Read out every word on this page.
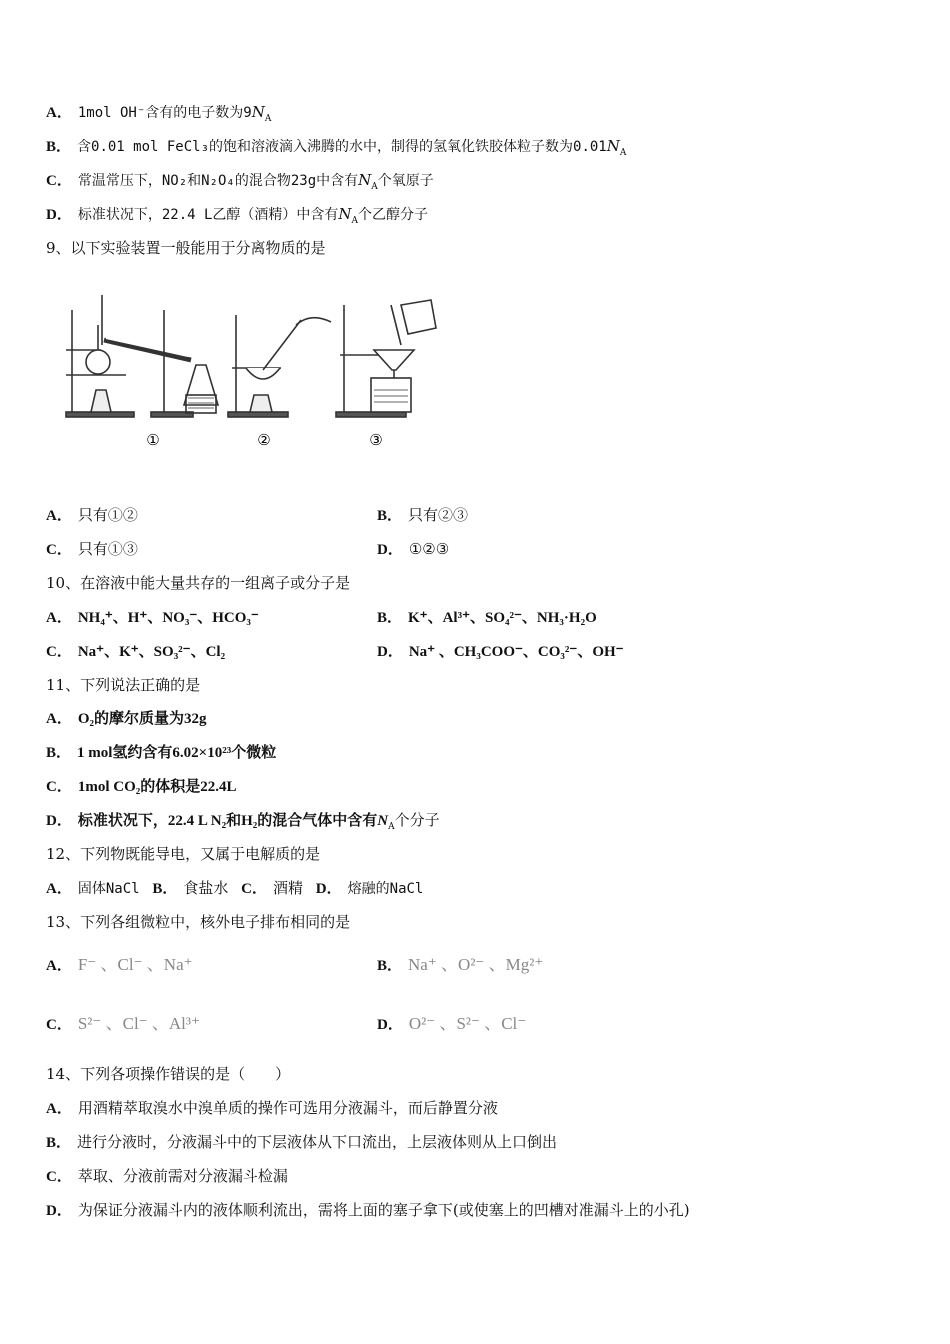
A． 1mol OH⁻含有的电子数为$9N_A$
B． 含0.01 mol FeCl₃的饱和溶液滴入沸腾的水中，制得的氢氧化铁胶体粒子数为$0.01N_A$
C． 常温常压下，NO₂和N₂O₄的混合物23g中含有$N_A$个氧原子
D． 标准状况下，22.4 L乙醇（酒精）中含有$N_A$个乙醇分子
9、以下实验装置一般能用于分离物质的是
①	②	③
A． 只有①②	B． 只有②③
C． 只有①③	D． ①②③
10、在溶液中能大量共存的一组离子或分子是
A． NH₄⁺、H⁺、NO₃⁻、HCO₃⁻	B． K⁺、Al³⁺、SO₄²⁻、NH₃·H₂O
C． Na⁺、K⁺、SO₃²⁻、Cl₂	D． Na⁺ 、CH₃COO⁻、CO₃²⁻、OH⁻
11、下列说法正确的是
A． O₂的摩尔质量为32g
B． 1 mol氢约含有6.02×10²³个微粒
C． 1mol CO₂的体积是22.4L
D． 标准状况下，22.4 L N₂和H₂的混合气体中含有$N_A$个分子
12、下列物既能导电，又属于电解质的是
A． 固体NaCl B． 食盐水 C． 酒精 D． 熔融的NaCl
13、下列各组微粒中，核外电子排布相同的是
A． F⁻ 、Cl⁻ 、Na⁺	B． Na⁺ 、O²⁻ 、Mg²⁺
C． S²⁻ 、Cl⁻ 、Al³⁺	D． O²⁻ 、S²⁻ 、Cl⁻
14、下列各项操作错误的是（　　）
A． 用酒精萃取溴水中溴单质的操作可选用分液漏斗，而后静置分液
B． 进行分液时，分液漏斗中的下层液体从下口流出，上层液体则从上口倒出
C． 萃取、分液前需对分液漏斗检漏
D． 为保证分液漏斗内的液体顺利流出，需将上面的塞子拿下(或使塞上的凹槽对准漏斗上的小孔)
